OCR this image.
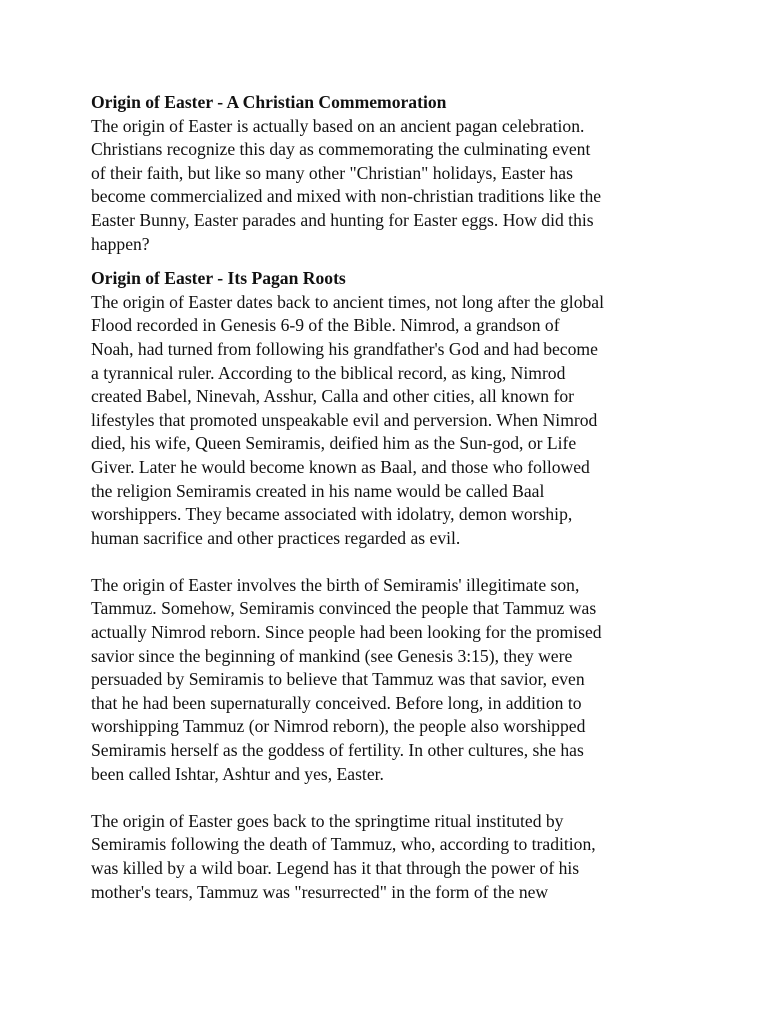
Origin of Easter - A Christian Commemoration

The origin of Easter is actually based on an ancient pagan celebration.
Christians recognize this day as commemorating the culminating event
of their faith, but like so many other "Christian" holidays, Easter has
become commercialized and mixed with non-christian traditions like the
Easter Bunny, Easter parades and hunting for Easter eggs. How did this
happen?

Origin of Easter - Its Pagan Roots

The origin of Easter dates back to ancient times, not long after the global
Flood recorded in Genesis 6-9 of the Bible. Nimrod, a grandson of
Noah, had turned from following his grandfather's God and had become
a tyrannical ruler. According to the biblical record, as king, Nimrod
created Babel, Ninevah, Asshur, Calla and other cities, all known for
lifestyles that promoted unspeakable evil and perversion. When Nimrod
died, his wife, Queen Semiramis, deified him as the Sun-god, or Life
Giver. Later he would become known as Baal, and those who followed
the religion Semiramis created in his name would be called Baal
worshippers. They became associated with idolatry, demon worship,
human sacrifice and other practices regarded as evil.

The origin of Easter involves the birth of Semiramis' illegitimate son,
Tammuz. Somehow, Semiramis convinced the people that Tammuz was
actually Nimrod reborn. Since people had been looking for the promised
savior since the beginning of mankind (see Genesis 3:15), they were
persuaded by Semiramis to believe that Tammuz was that savior, even
that he had been supernaturally conceived. Before long, in addition to
worshipping Tammuz (or Nimrod reborn), the people also worshipped
Semiramis herself as the goddess of fertility. In other cultures, she has
been called Ishtar, Ashtur and yes, Easter.

The origin of Easter goes back to the springtime ritual instituted by
Semiramis following the death of Tammuz, who, according to tradition,
was killed by a wild boar. Legend has it that through the power of his
mother's tears, Tammuz was "resurrected" in the form of the new
